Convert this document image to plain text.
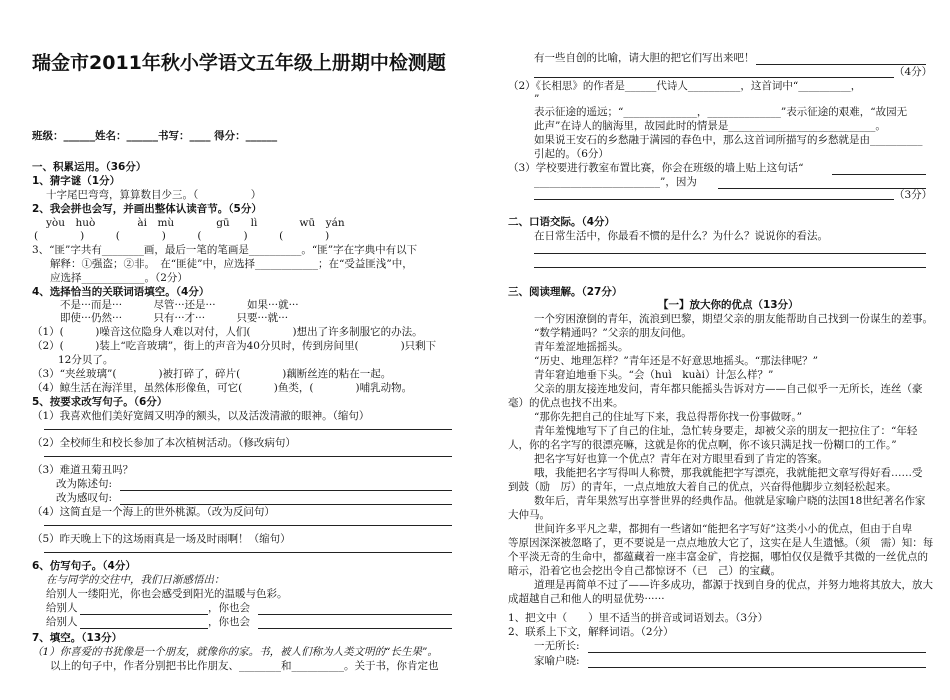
瑞金市2011年秋小学语文五年级上册期中检测题
班级：______姓名：______书写：____ 得分：______
一、积累运用。（36分）
1、猜字谜（1分）
十字尾巴弯弯，算算数目少三。（　　　　　）
2、我会拼也会写，并画出整体认读音节。（5分）
yòu　huò　　　　ài　mù　　　　gū　　lì　　　　wū　yán
(　　　　)　　　(　　　　)　　　(　　　　)　　　(　　　　)
3、“匪”字共有________画，最后一笔的笔画是__________。“匪”字在字典中有以下
解释：①强盗；②非。　在“匪徒”中，应选择____________；在“受益匪浅”中，
应选择____________。（2分）
4、选择恰当的关联词语填空。（4分）
不是···而是···　　　尽管···还是···　　　如果···就···
即使···仍然···　　　只有···才···　　　只要···就···
（1）(　　　)噪音这位隐身人难以对付，人们(　　　　)想出了许多制服它的办法。
（2）(　　　)装上“吃音玻璃”，街上的声音为40分贝时，传到房间里(　　　　)只剩下
12分贝了。
（3）“夹丝玻璃”(　　　　)被打碎了，碎片(　　　　)藕断丝连的粘在一起。
（4）鲸生活在海洋里，虽然体形像鱼，可它(　　　)鱼类，(　　　　)哺乳动物。
5、按要求改写句子。（6分）
（1）我喜欢他们美好宽阔又明净的额头，以及活泼清澈的眼神。（缩句）
（2）全校师生和校长参加了本次植树活动。（修改病句）
（3）难道丑菊丑吗？
改为陈述句:
改为感叹句:
（4）这简直是一个海上的世外桃源。（改为反问句）
（5）昨天晚上下的这场雨真是一场及时雨啊！（缩句）
6、仿写句子。（4分）
在与同学的交往中，我们日渐感悟出：
给别人一缕阳光，你也会感受到阳光的温暖与色彩。
给别人	，你也会
给别人	，你也会
7、填空。（13分）
（1）你喜爱的书犹像是一个朋友，就像你的家。书，被人们称为人类文明的“长生果”。
以上的句子中，作者分别把书比作朋友、________和__________。关于书，你肯定也
有一些自创的比喻，请大胆的把它们写出来吧！
（4分）
（2）《长相思》的作者是______代诗人__________，这首词中“__________，
”
表示征途的遥远；“______________，______________”表示征途的艰难，“故园无
此声”在诗人的脑海里，故园此时的情景是____________________________。
如果说王安石的乡愁融于满园的春色中，那么这首词所描写的乡愁就是由__________
引起的。（6分）
（3）学校要进行教室布置比赛，你会在班级的墙上贴上这句话“
________________________”，因为
（3分）
二、口语交际。（4分）
在日常生活中，你最看不惯的是什么？为什么？说说你的看法。
三、阅读理解。（27分）
【一】放大你的优点（13分）
一个穷困潦倒的青年，流浪到巴黎，期望父亲的朋友能帮助自己找到一份谋生的差事。
“数学精通吗？”父亲的朋友问他。
青年羞涩地摇摇头。
“历史、地理怎样？”青年还是不好意思地摇头。“那法律呢？”
青年窘迫地垂下头。“会（huì　kuài）计怎么样？”
父亲的朋友接连地发问，青年都只能摇头告诉对方——自己似乎一无所长，连丝（豪
毫）的优点也找不出来。
“那你先把自己的住址写下来，我总得帮你找一份事做呀。”
青年羞愧地写下了自己的住址，急忙转身要走，却被父亲的朋友一把拉住了：“年轻
人，你的名字写的很漂亮嘛，这就是你的优点啊，你不该只满足找一份糊口的工作。”
把名字写好也算一个优点？青年在对方眼里看到了肯定的答案。
哦，我能把名字写得叫人称赞，那我就能把字写漂亮，我就能把文章写得好看……受
到鼓（励　厉）的青年，一点点地放大着自己的优点，兴奋得他脚步立刻轻松起来。
数年后，青年果然写出享誉世界的经典作品。他就是家喻户晓的法国18世纪著名作家
大仲马。
世间许多平凡之辈，都拥有一些诸如“能把名字写好”这类小小的优点，但由于自卑
等原因深深被忽略了，更不要说是一点点地放大它了，这实在是人生遗憾。（须　需）知：每
个平淡无奇的生命中，都蕴藏着一座丰富金矿，肯挖掘，哪怕仅仅是微乎其微的一丝优点的
暗示，沿着它也会挖出令自己都惊讶不（已　己）的宝藏。
道理是再简单不过了——许多成功，都源于找到自身的优点，并努力地将其放大，放大
成超越自己和他人的明显优势······
1、把文中（　　）里不适当的拼音或词语划去。（3分）
2、联系上下文，解释词语。（2分）
一无所长:
家喻户晓:
